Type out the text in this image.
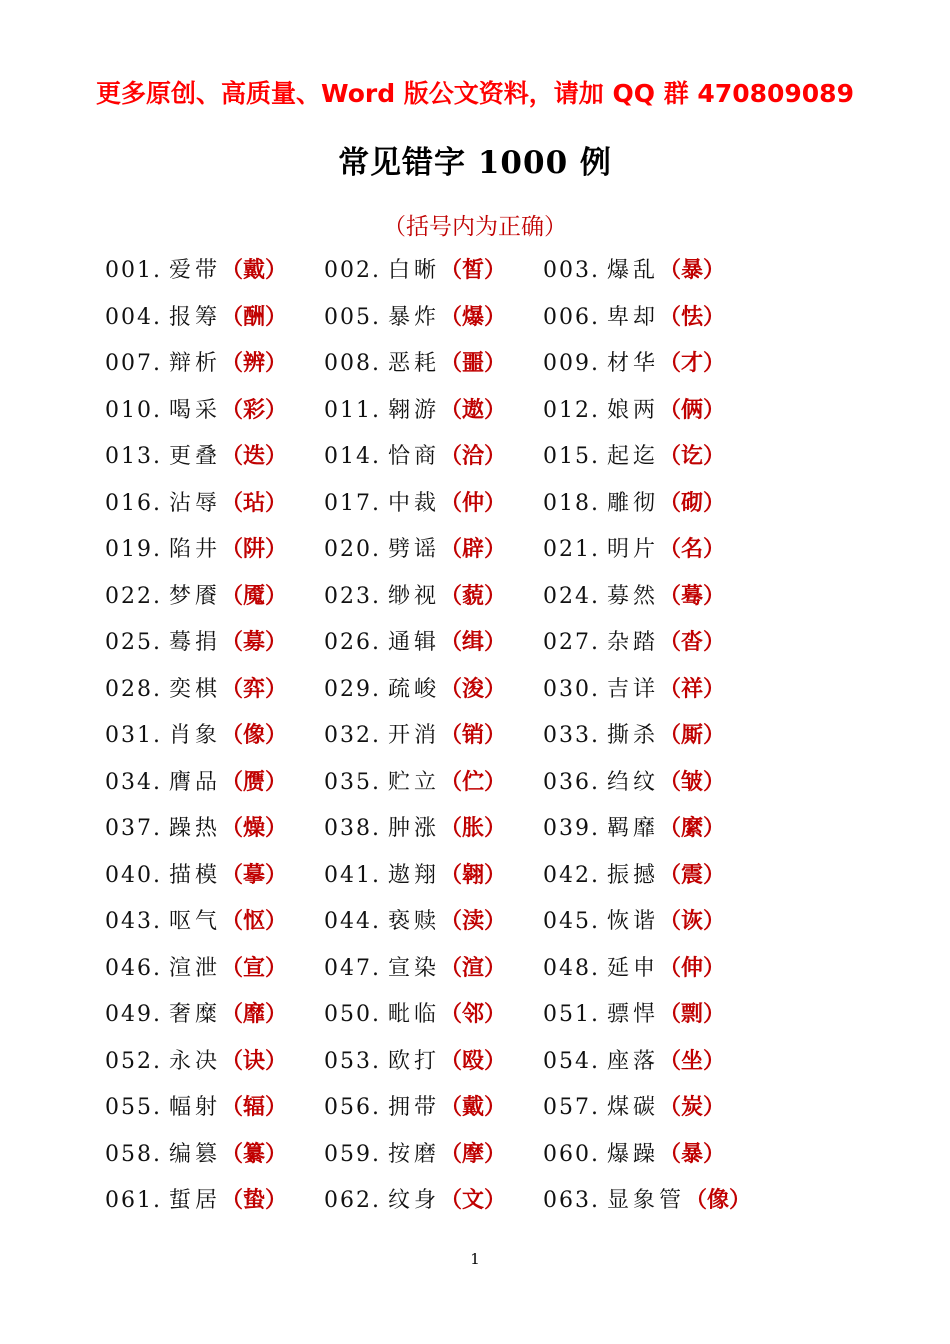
更多原创、高质量、Word 版公文资料，请加 QQ 群 470809089
常见错字 1000 例
（括号内为正确）
001. 爱带（戴） 002. 白晰（皙） 003. 爆乱（暴）
004. 报筹（酬） 005. 暴炸（爆） 006. 卑却（怯）
007. 辩析（辨） 008. 恶耗（噩） 009. 材华（才）
010. 喝采（彩） 011. 翱游（遨） 012. 娘两（俩）
013. 更叠（迭） 014. 恰商（洽） 015. 起迄（讫）
016. 沾辱（玷） 017. 中裁（仲） 018. 雕彻（砌）
019. 陷井（阱） 020. 劈谣（辟） 021. 明片（名）
022. 梦餍（魇） 023. 缈视（藐） 024. 募然（蓦）
025. 蓦捐（募） 026. 通辑（缉） 027. 杂踏（沓）
028. 奕棋（弈） 029. 疏峻（浚） 030. 吉详（祥）
031. 肖象（像） 032. 开消（销） 033. 撕杀（厮）
034. 膺品（赝） 035. 贮立（伫） 036. 绉纹（皱）
037. 躁热（燥） 038. 肿涨（胀） 039. 羁靡（縻）
040. 描模（摹） 041. 遨翔（翱） 042. 振撼（震）
043. 呕气（怄） 044. 亵赎（渎） 045. 恢谐（诙）
046. 渲泄（宣） 047. 宣染（渲） 048. 延申（伸）
049. 奢糜（靡） 050. 毗临（邻） 051. 骠悍（剽）
052. 永决（诀） 053. 欧打（殴） 054. 座落（坐）
055. 幅射（辐） 056. 拥带（戴） 057. 煤碳（炭）
058. 编篡（纂） 059. 按磨（摩） 060. 爆躁（暴）
061. 蜇居（蛰） 062. 纹身（文） 063. 显象管（像）
1
